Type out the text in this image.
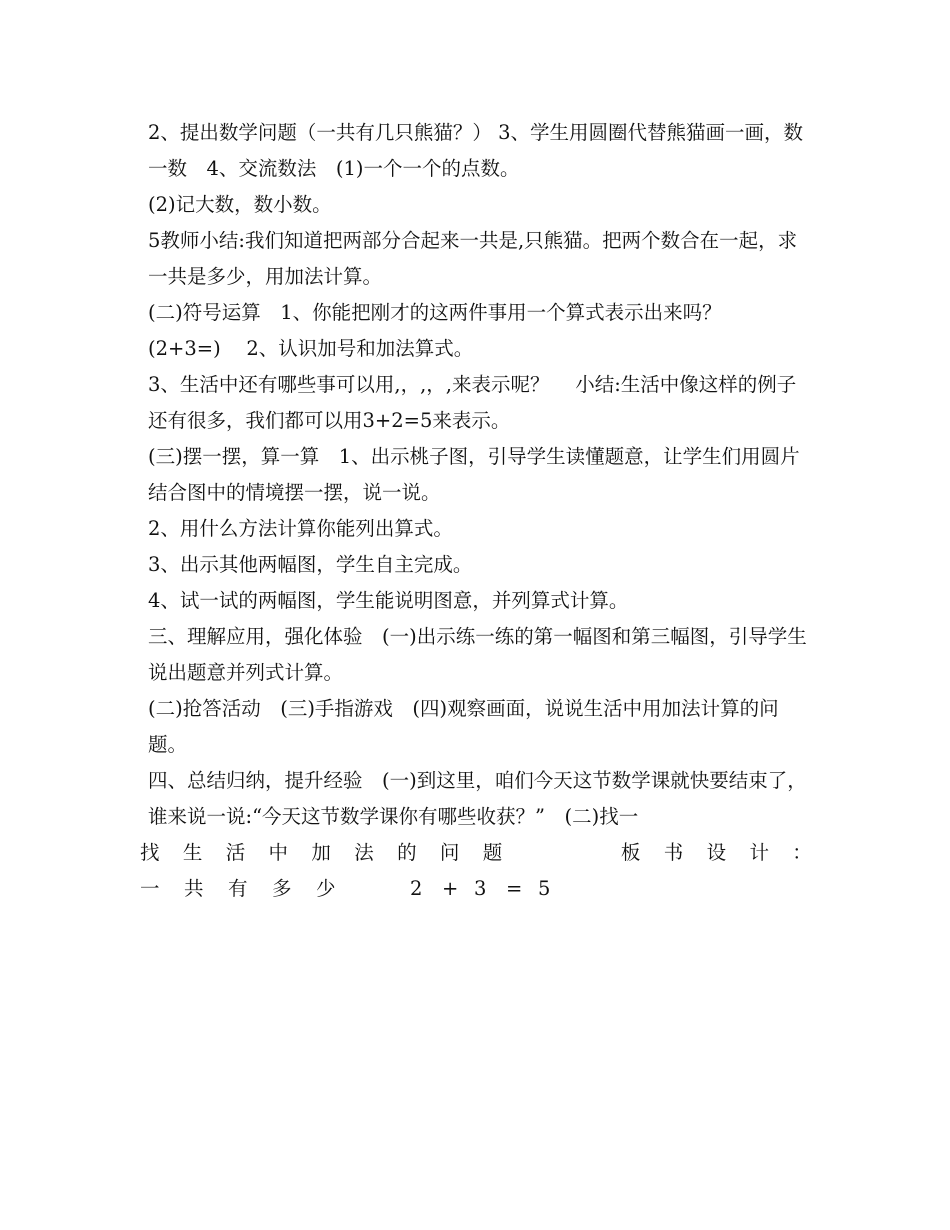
2、提出数学问题（一共有几只熊猫？） 3、学生用圆圈代替熊猫画一画，数一数　4、交流数法　(1)一个一个的点数。

(2)记大数，数小数。

5教师小结:我们知道把两部分合起来一共是,只熊猫。把两个数合在一起，求一共是多少，用加法计算。

(二)符号运算　1、你能把刚才的这两件事用一个算式表示出来吗？

(2+3=)　 2、认识加号和加法算式。

3、生活中还有哪些事可以用,，,，,来表示呢？　 小结:生活中像这样的例子还有很多，我们都可以用3+2=5来表示。

(三)摆一摆，算一算　1、出示桃子图，引导学生读懂题意，让学生们用圆片结合图中的情境摆一摆，说一说。

2、用什么方法计算你能列出算式。

3、出示其他两幅图，学生自主完成。

4、试一试的两幅图，学生能说明图意，并列算式计算。

三、理解应用，强化体验　(一)出示练一练的第一幅图和第三幅图，引导学生说出题意并列式计算。

(二)抢答活动　(三)手指游戏　(四)观察画面，说说生活中用加法计算的问题。

四、总结归纳，提升经验　(一)到这里，咱们今天这节数学课就快要结束了，谁来说一说:“今天这节数学课你有哪些收获？”　(二)找一

找 生 活 中 加 法 的 问 题	板 书 设 计 ：
一	共	有	多	少	2	+ 3	= 5
